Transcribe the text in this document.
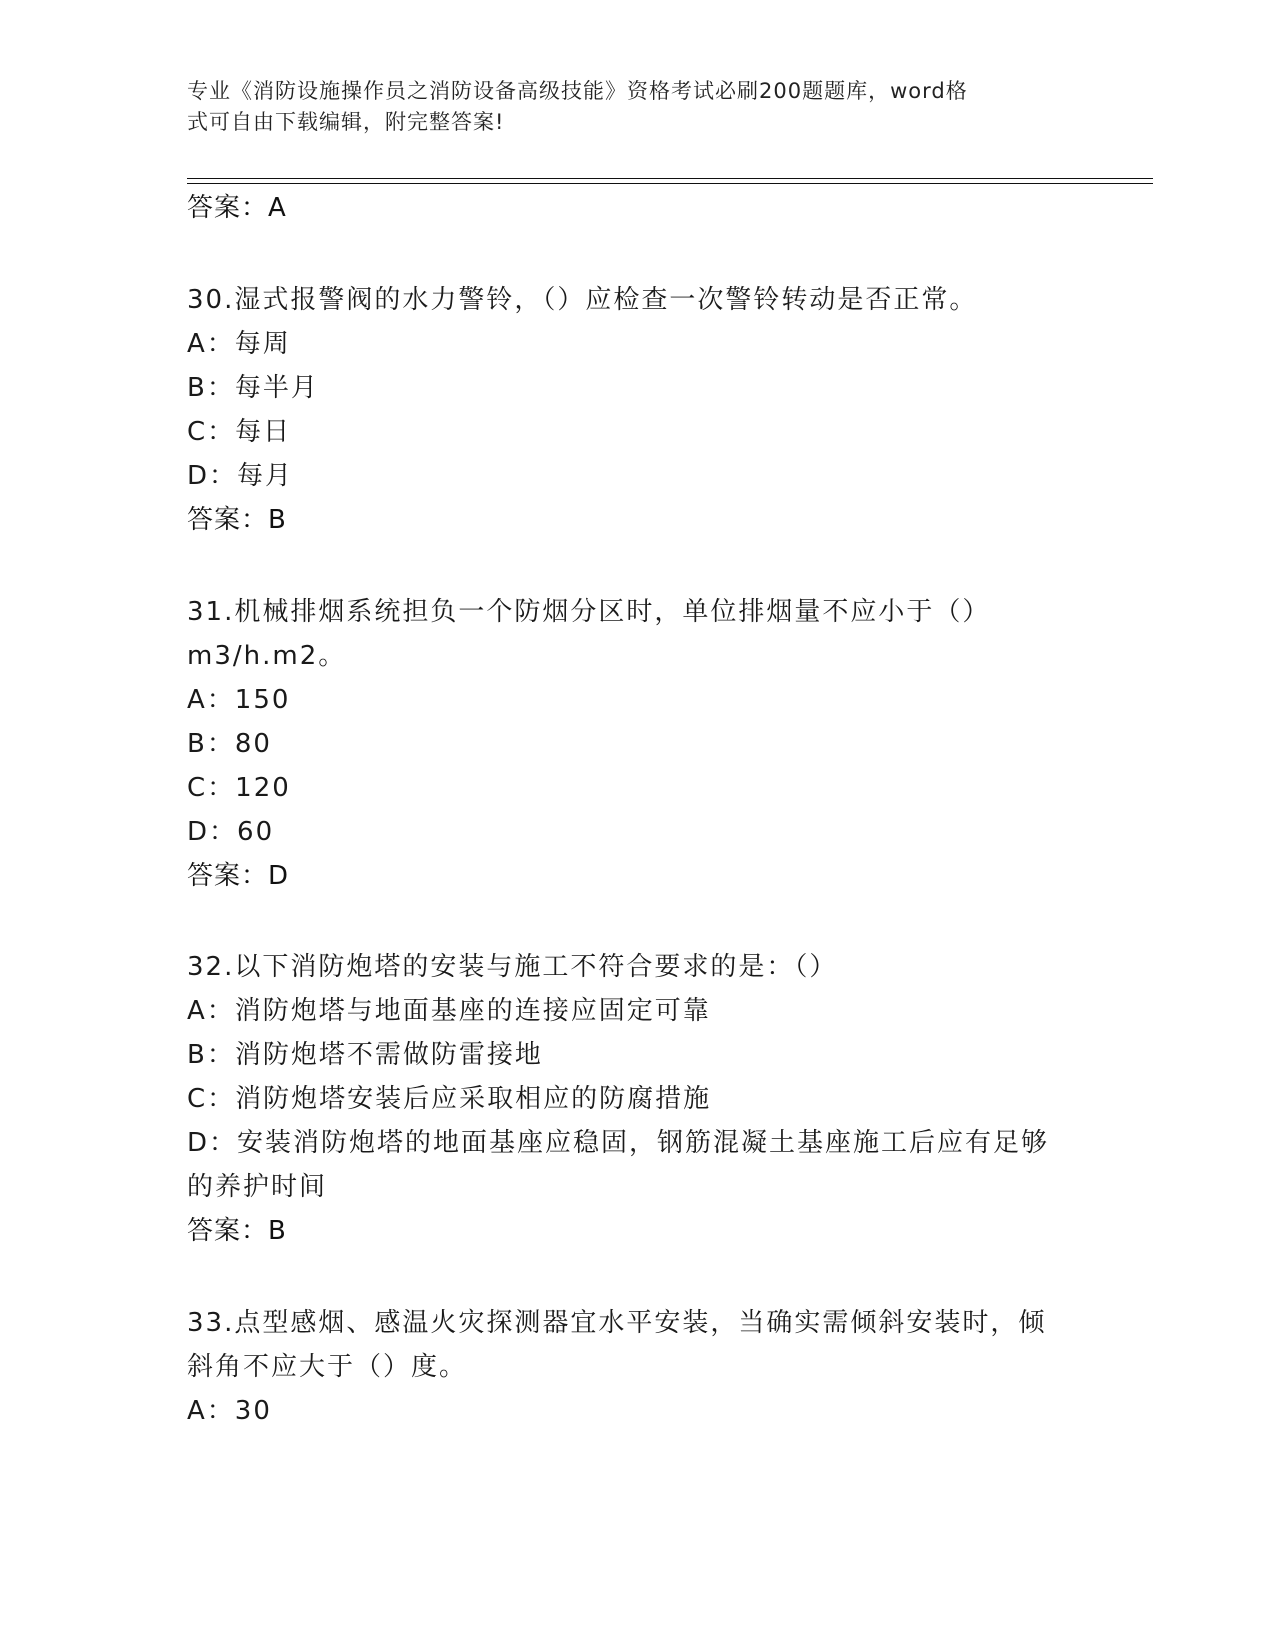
专业《消防设施操作员之消防设备高级技能》资格考试必刷200题题库，word格
式可自由下载编辑，附完整答案!
答案：A
30.湿式报警阀的水力警铃，（）应检查一次警铃转动是否正常。
A：每周
B：每半月
C：每日
D：每月
答案：B
31.机械排烟系统担负一个防烟分区时，单位排烟量不应小于（）
m3/h.m2。
A：150
B：80
C：120
D：60
答案：D
32.以下消防炮塔的安装与施工不符合要求的是：（）
A：消防炮塔与地面基座的连接应固定可靠
B：消防炮塔不需做防雷接地
C：消防炮塔安装后应采取相应的防腐措施
D：安装消防炮塔的地面基座应稳固，钢筋混凝土基座施工后应有足够
的养护时间
答案：B
33.点型感烟、感温火灾探测器宜水平安装，当确实需倾斜安装时，倾
斜角不应大于（）度。
A：30
